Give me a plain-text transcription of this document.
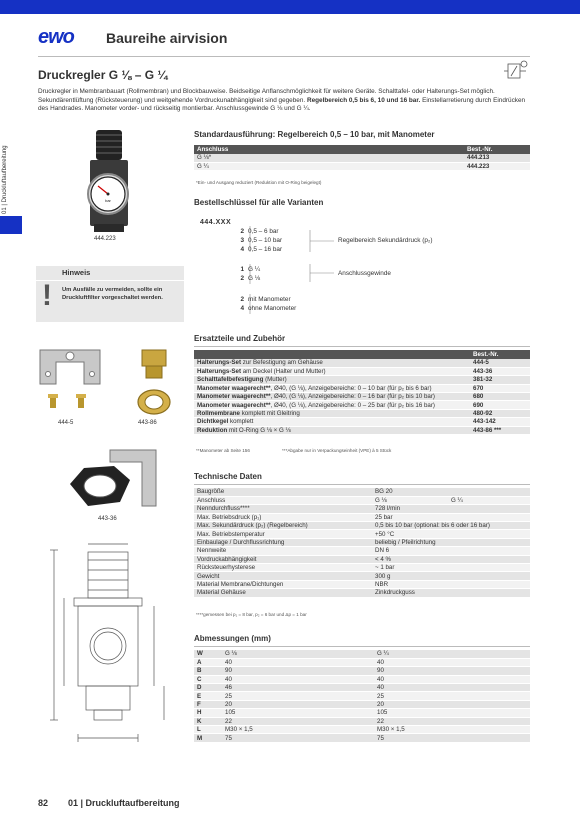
ewo Baureihe airvision
Druckregler G ⅛ – G ¼
Druckregler in Membranbauart (Rollmembran) und Blockbauweise. Beidseitige Anflanschmöglichkeit für weitere Geräte. Schalttafel- oder Halterungs-Set möglich. Sekundärentlüftung (Rücksteuerung) und weitgehende Vordruckunabhängigkeit sind gegeben. Regelbereich 0,5 bis 6, 10 und 16 bar. Einstellarretierung durch Eindrücken des Handrades. Manometer vorder- und rückseitig montierbar. Anschlussgewinde G ⅛ und G ¼.
01 | Druckluftaufbereitung	bar
444.223
Hinweis
!	Um Ausfälle zu vermeiden, sollte ein Druckluftfilter vorgeschaltet werden.
Standardausführung: Regelbereich 0,5 – 10 bar, mit Manometer
Anschluss	Best.-Nr.
G ⅛*	444.213
G ¼	444.223
*Ein- und Ausgang reduziert (Reduktion mit O-Ring beigelegt)
Bestellschlüssel für alle Varianten
444.XXX
2 0,5 – 6 bar
3 0,5 – 10 bar
4 0,5 – 16 bar
Regelbereich Sekundärdruck (p₂)
1 G ¼
2 G ⅛
Anschlussgewinde
2 mit Manometer
4 ohne Manometer
444-5	443-86
443-36
Ersatzteile und Zubehör
	Best.-Nr.
Halterungs-Set zur Befestigung am Gehäuse	444-5
Halterungs-Set am Deckel (Halter und Mutter)	443-36
Schalttafelbefestigung (Mutter)	381-32
Manometer waagerecht**, Ø40, (G ⅛), Anzeigebereiche: 0 – 10 bar (für p₂ bis 6 bar)	670
Manometer waagerecht**, Ø40, (G ⅛), Anzeigebereiche: 0 – 16 bar (für p₂ bis 10 bar)	680
Manometer waagerecht**, Ø40, (G ⅛), Anzeigebereiche: 0 – 25 bar (für p₂ bis 16 bar)	690
Rollmembrane komplett mit Gleitring	480-92
Dichtkegel komplett	443-142
Reduktion mit O-Ring G ⅛ × G ⅛	443-86 ***
**Manometer ab Seite 156	***Abgabe nur in Verpackungseinheit (VPE) à 5 Stück
Technische Daten
Baugröße	BG 20	
Anschluss	G ⅛	G ¼
Nenndurchfluss****	728 l/min	
Max. Betriebsdruck (p₁)	25 bar	
Max. Sekundärdruck (p₂) (Regelbereich)	0,5 bis 10 bar (optional: bis 6 oder 16 bar)	
Max. Betriebstemperatur	+50 °C	
Einbaulage / Durchflussrichtung	beliebig / Pfeilrichtung	
Nennweite	DN 6	
Vordruckabhängigkeit	< 4 %	
Rücksteuerhysterese	~ 1 bar	
Gewicht	300 g	
Material Membrane/Dichtungen	NBR	
Material Gehäuse	Zinkdruckguss	
****gemessen bei p₁ = 8 bar, p₂ = 6 bar und Δp = 1 bar
Abmessungen (mm)
W	G ⅛	G ¼
A	40	40
B	90	90
C	40	40
D	46	40
E	25	25
F	20	20
H	105	105
K	22	22
L	M30 × 1,5	M30 × 1,5
M	75	75
82 01 | Druckluftaufbereitung
